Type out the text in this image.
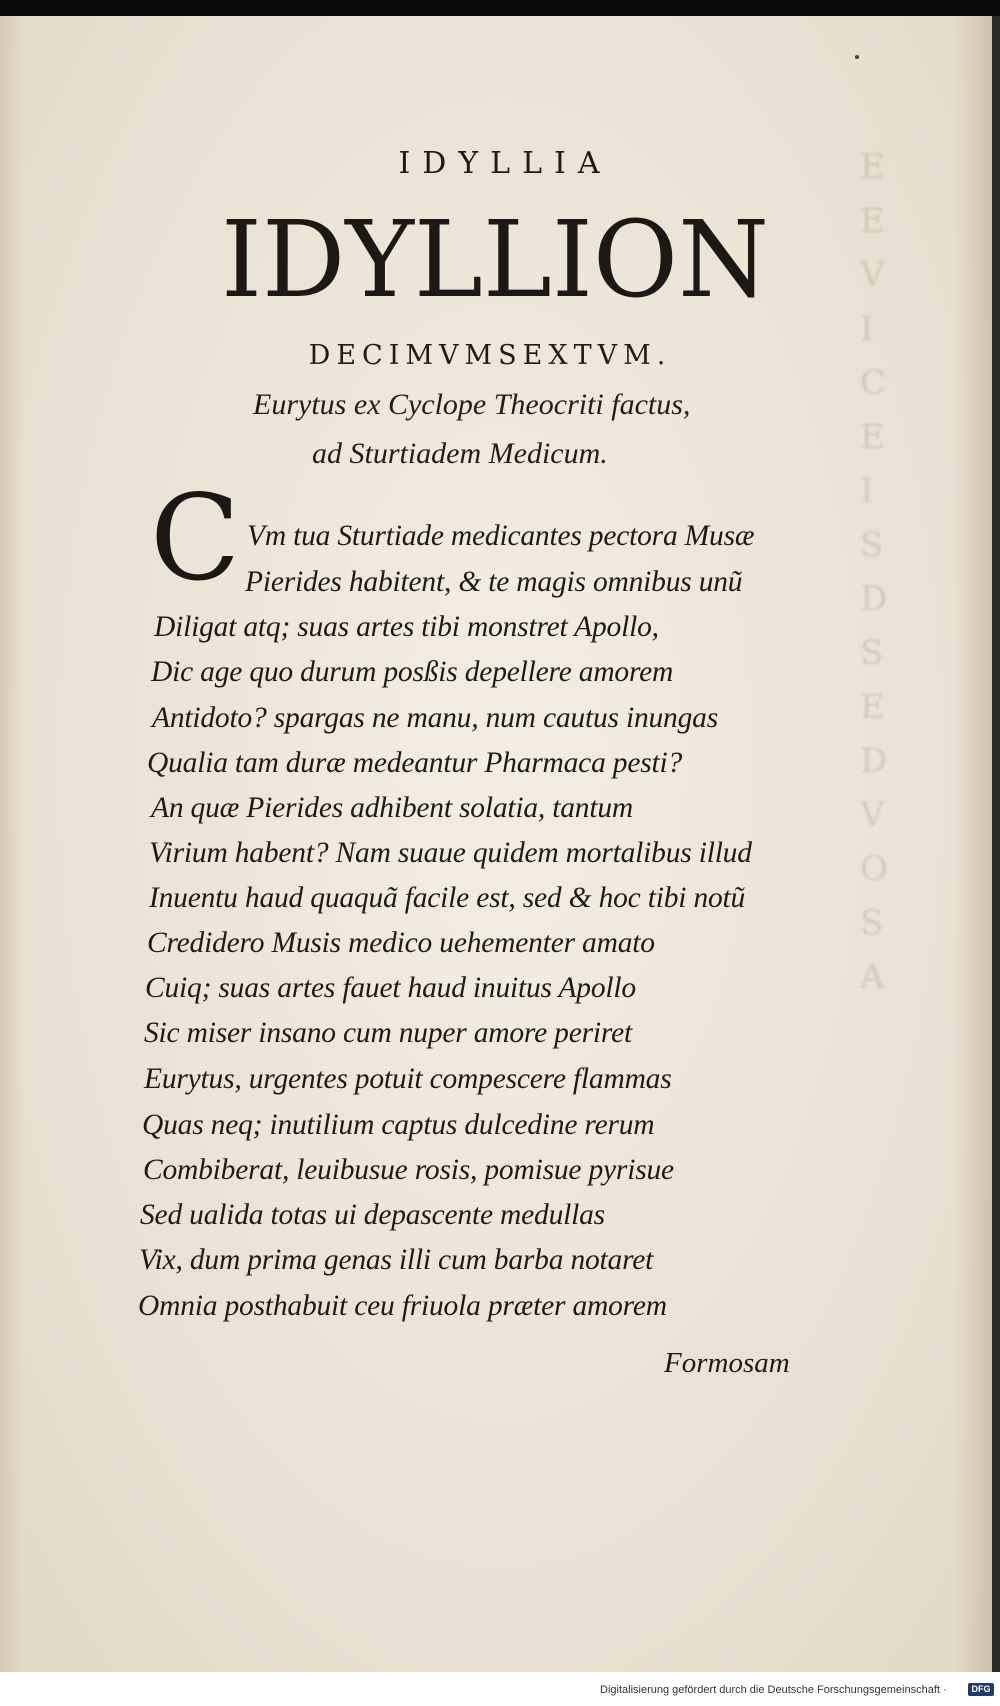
E
E
V
I
C
E
I
S
D
S
E
D
V
O
S
A
IDYLLIA
IDYLLION
DECIMVMSEXTVM.
Eurytus ex Cyclope Theocriti factus,
ad Sturtiadem Medicum.
C Vm tua Sturtiade medicantes pectora Musæ
Pierides habitent, & te magis omnibus unũ
Diligat atq; suas artes tibi monstret Apollo,
Dic age quo durum posßis depellere amorem
Antidoto? spargas ne manu, num cautus inungas
Qualia tam duræ medeantur Pharmaca pesti?
An quæ Pierides adhibent solatia, tantum
Virium habent? Nam suaue quidem mortalibus illud
Inuentu haud quaquã facile est, sed & hoc tibi notũ
Credidero Musis medico uehementer amato
Cuiq; suas artes fauet haud inuitus Apollo
Sic miser insano cum nuper amore periret
Eurytus, urgentes potuit compescere flammas
Quas neq; inutilium captus dulcedine rerum
Combiberat, leuibusue rosis, pomisue pyrisue
Sed ualida totas ui depascente medullas
Vix, dum prima genas illi cum barba notaret
Omnia posthabuit ceu friuola præter amorem
Formosam
Digitalisierung gefördert durch die Deutsche Forschungsgemeinschaft ·	DFG
